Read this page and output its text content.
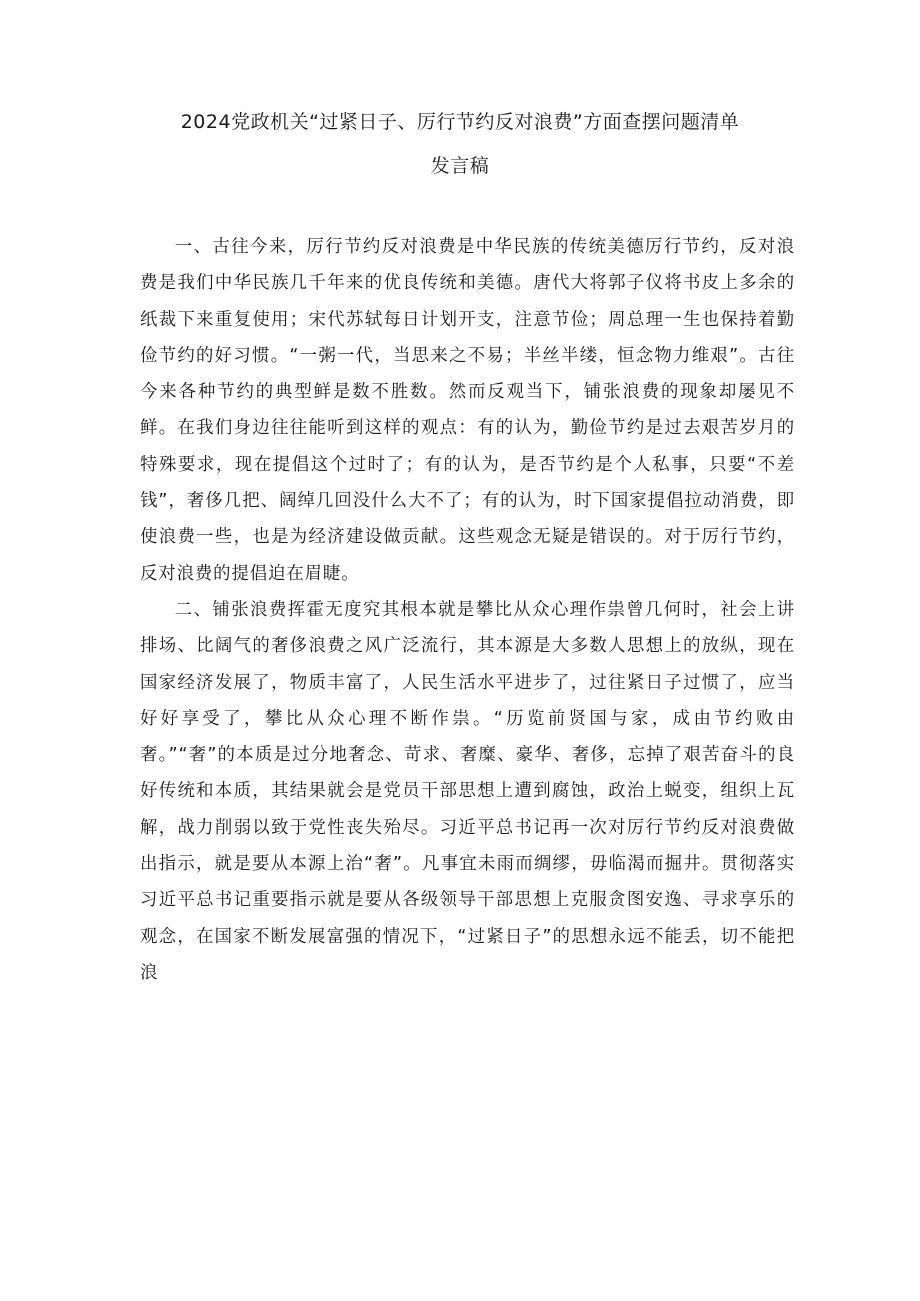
2024党政机关“过紧日子、厉行节约反对浪费”方面查摆问题清单
发言稿

一、古往今来，厉行节约反对浪费是中华民族的传统美德厉行节约，反对浪费是我们中华民族几千年来的优良传统和美德。唐代大将郭子仪将书皮上多余的纸裁下来重复使用；宋代苏轼每日计划开支，注意节俭；周总理一生也保持着勤俭节约的好习惯。“一粥一代，当思来之不易；半丝半缕，恒念物力维艰”。古往今来各种节约的典型鲜是数不胜数。然而反观当下，铺张浪费的现象却屡见不鲜。在我们身边往往能听到这样的观点：有的认为，勤俭节约是过去艰苦岁月的特殊要求，现在提倡这个过时了；有的认为，是否节约是个人私事，只要“不差钱”，奢侈几把、阔绰几回没什么大不了；有的认为，时下国家提倡拉动消费，即使浪费一些，也是为经济建设做贡献。这些观念无疑是错误的。对于厉行节约，反对浪费的提倡迫在眉睫。

二、铺张浪费挥霍无度究其根本就是攀比从众心理作祟曾几何时，社会上讲排场、比阔气的奢侈浪费之风广泛流行，其本源是大多数人思想上的放纵，现在国家经济发展了，物质丰富了，人民生活水平进步了，过往紧日子过惯了，应当好好享受了，攀比从众心理不断作祟。“历览前贤国与家，成由节约败由奢。”“奢”的本质是过分地奢念、苛求、奢糜、豪华、奢侈，忘掉了艰苦奋斗的良好传统和本质，其结果就会是党员干部思想上遭到腐蚀，政治上蜕变，组织上瓦解，战力削弱以致于党性丧失殆尽。习近平总书记再一次对厉行节约反对浪费做出指示，就是要从本源上治“奢”。凡事宜未雨而绸缪，毋临渴而掘井。贯彻落实习近平总书记重要指示就是要从各级领导干部思想上克服贪图安逸、寻求享乐的观念，在国家不断发展富强的情况下，“过紧日子”的思想永远不能丢，切不能把浪
